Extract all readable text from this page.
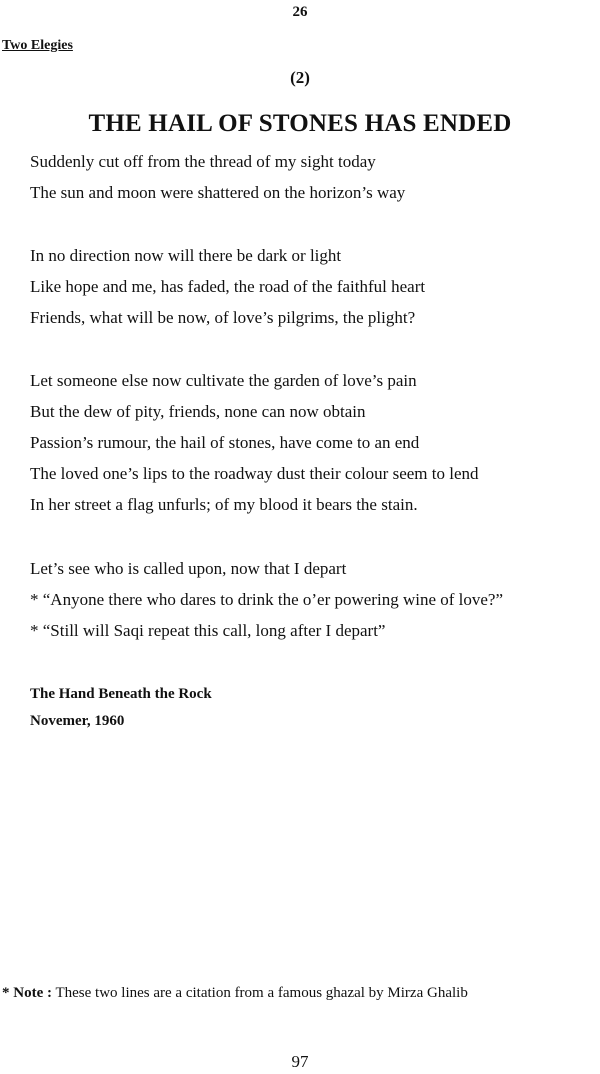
26
Two Elegies
(2)
THE HAIL OF STONES HAS ENDED
Suddenly cut off from the thread of my sight today
The sun and moon were shattered on the horizon’s way
In no direction now will there be dark or light
Like hope and me, has faded, the road of the faithful heart
Friends, what will be now, of love’s pilgrims, the plight?
Let someone else now cultivate the garden of love’s pain
But the dew of pity, friends, none can now obtain
Passion’s rumour, the hail of stones, have come to an end
The loved one’s lips to the roadway dust their colour seem to lend
In her street a flag unfurls; of my blood it bears the stain.
Let’s see who is called upon, now that I depart
* “Anyone there who dares to drink the o’er powering wine of love?”
* “Still will Saqi repeat this call, long after I depart”
The Hand Beneath the Rock
Novemer, 1960
* Note : These two lines are a citation from a famous ghazal by Mirza Ghalib
97
